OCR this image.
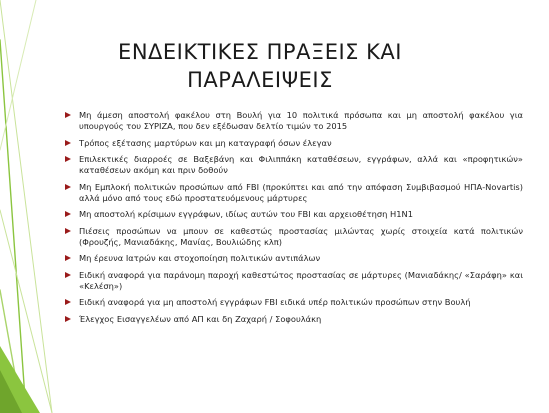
ΕΝΔΕΙΚΤΙΚΕΣ ΠΡΑΞΕΙΣ ΚΑΙ
ΠΑΡΑΛΕΙΨΕΙΣ
Μη άμεση αποστολή φακέλου στη Βουλή για 10 πολιτικά πρόσωπα και μη αποστολή φακέλου για υπουργούς του ΣΥΡΙΖΑ, που δεν εξέδωσαν δελτίο τιμών το 2015
Τρόπος εξέτασης μαρτύρων και μη καταγραφή όσων έλεγαν
Επιλεκτικές διαρροές σε Βαξεβάνη και Φιλιππάκη καταθέσεων, εγγράφων, αλλά και «προφητικών» καταθέσεων ακόμη και πριν δοθούν
Μη Εμπλοκή πολιτικών προσώπων από FBI (προκύπτει και από την απόφαση Συμβιβασμού ΗΠΑ-Novartis) αλλά μόνο από τους εδώ προστατευόμενους μάρτυρες
Μη αποστολή κρίσιμων εγγράφων, ιδίως αυτών του FBI και αρχειοθέτηση H1N1
Πιέσεις προσώπων να μπουν σε καθεστώς προστασίας μιλώντας χωρίς στοιχεία κατά πολιτικών (Φρουζής, Μανιαδάκης, Μανίας, Βουλιώδης κλπ)
Μη έρευνα Ιατρών και στοχοποίηση πολιτικών αντιπάλων
Ειδική αναφορά για παράνομη παροχή καθεστώτος προστασίας σε μάρτυρες (Μανιαδάκης/ «Σαράφη» και «Κελέση»)
Ειδική αναφορά για μη αποστολή εγγράφων FBI ειδικά υπέρ πολιτικών προσώπων στην Βουλή
Έλεγχος Εισαγγελέων από ΑΠ και δη Ζαχαρή / Σοφουλάκη
